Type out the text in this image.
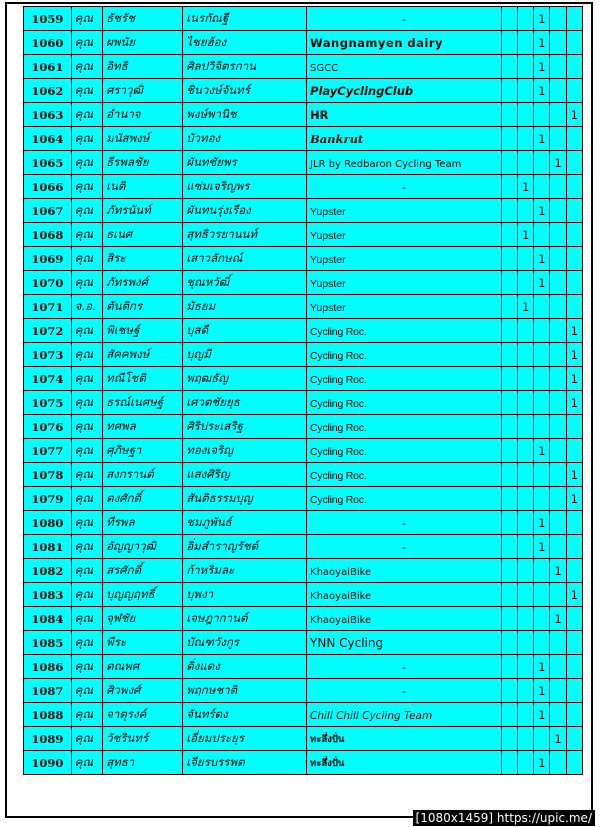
1059	คุณ	ธัชรัช	เนรกัณฐี	-			1		
1060	คุณ	ผพนัย	ไชยฮ้อง	Wangnamyen dairy			1		
1061	คุณ	อิทธิ	ศิลปวิจิตรกาน	SGCC			1		
1062	คุณ	ศราวุฒิ	ชินวงษ์จันทร์	PlayCyclingClub			1		
1063	คุณ	อำนาจ	พงษ์พานิช	HR					1
1064	คุณ	มนัสพงษ์	บัวทอง	Bankrut			1		
1065	คุณ	ธีรพลชัย	ผันทชัยพร	JLR by Redbaron Cycling Team				1	
1066	คุณ	เนติ	แซ่มเจริญพร	-		1			
1067	คุณ	ภัทรนันท์	ผันทนรุ่งเรือง	Yupster			1		
1068	คุณ	ธเนศ	สุทธิวรยานนท์	Yupster		1			
1069	คุณ	สิระ	เสาวลักษณ์	Yupster			1		
1070	คุณ	ภัทรพงศ์	ชุณหวัฒิ์	Yupster			1		
1071	จ.อ.	ตันติกร	มัธยม	Yupster		1			
1072	คุณ	พิเชษฐ์	บุสดี	Cycling Roc.					1
1073	คุณ	สัคคพงษ์	บุญมี	Cycling Roc.					1
1074	คุณ	ทณีโชติ	พฤฒธัญ	Cycling Roc.					1
1075	คุณ	ธรณ์เนศษฐ์	เศวตชัยยุธ	Cycling Roc.					1
1076	คุณ	ทศพล	ศิริประเสริฐ	Cycling Roc.					
1077	คุณ	ศุภิษฐา	ทองเจริญ	Cycling Roc.			1		
1078	คุณ	สงกรานต์	แสงศิริญ	Cycling Roc.					1
1079	คุณ	ดงศักดิ์	สันติธรรมบุญ	Cycling Roc.					1
1080	คุณ	ทีรพล	ชมภูพันธ์	-			1		
1081	คุณ	อัญญาวุฒิ	อิ่มสำราญรัชต์	-			1		
1082	คุณ	สรศักดิ์	ก้าหริมละ	KhaoyaiBike				1	
1083	คุณ	บุญญฤทธิ์	บุพงา	KhaoyaiBike					1
1084	คุณ	จุฬชัย	เจษฎากานต์	KhaoyaiBike				1	
1085	คุณ	พีระ	บัณฑวังกูร	YNN Cycling					
1086	คุณ	ดณพศ	ดิ่งแดง	-			1		
1087	คุณ	ศิวพงศ์	พฤกษชาติ	-			1		
1088	คุณ	จาตุรงค์	จันทร์ดง	Chill Chill Cycling Team			1		
1089	คุณ	วัชรินทร์	เอี่ยมประยุร	ทะลึ่งปั่น				1	
1090	คุณ	สุทธา	เจียรบรรพต	ทะลึ่งปั่น			1		
[1080x1459] https://upic.me/
